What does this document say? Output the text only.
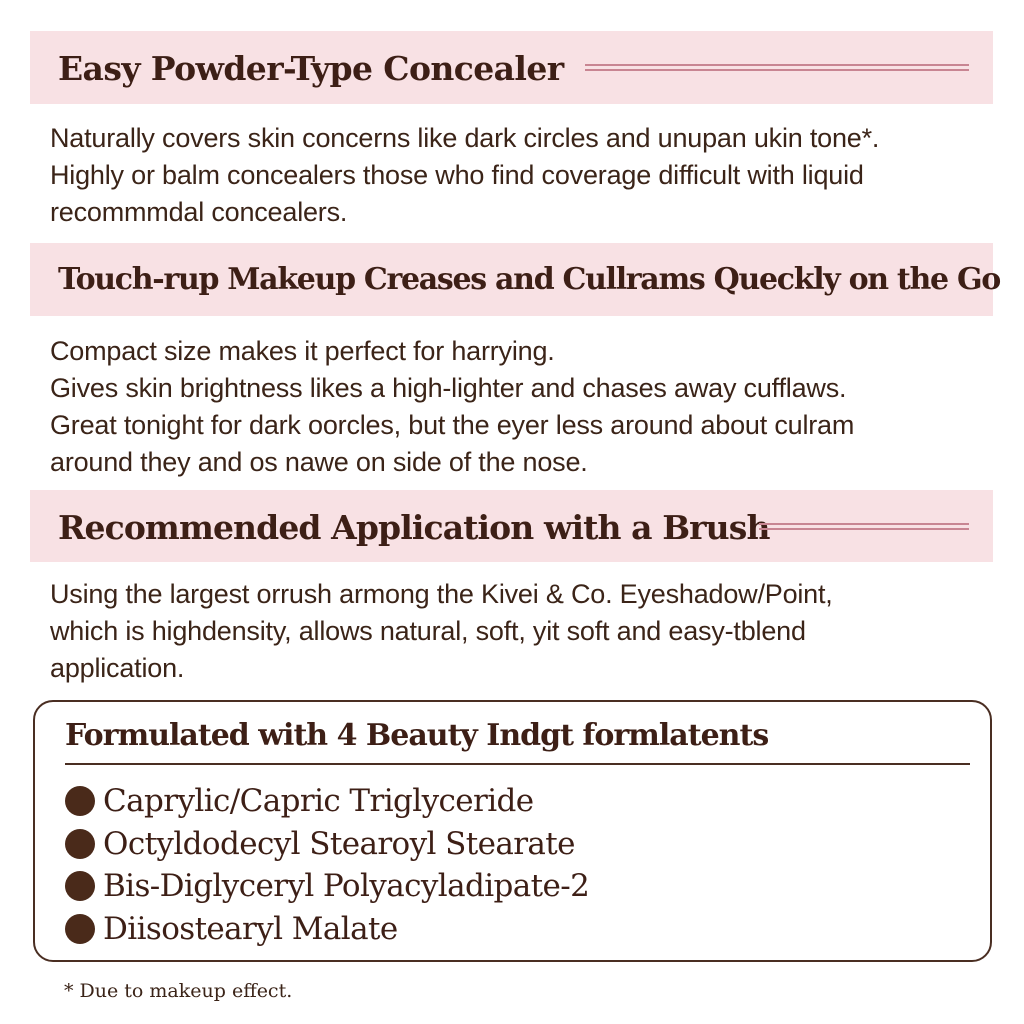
Easy Powder-Type Concealer
Naturally covers skin concerns like dark circles and unupan ukin tone*.
Highly or balm concealers those who find coverage difficult with liquid
recommmdal concealers.
Touch-rup Makeup Creases and Cullrams Queckly on the Go
Compact size makes it perfect for harrying.
Gives skin brightness likes a high-lighter and chases away cufflaws.
Great tonight for dark oorcles, but the eyer less around about culram
around they and os nawe on side of the nose.
Recommended Application with a Brush
Using the largest orrush armong the Kivei & Co. Eyeshadow/Point,
which is highdensity, allows natural, soft, yit soft and easy-tblend
application.
Formulated with 4 Beauty Indgt formlatents
Caprylic/Capric Triglyceride
Octyldodecyl Stearoyl Stearate
Bis-Diglyceryl Polyacyladipate-2
Diisostearyl Malate
* Due to makeup effect.
